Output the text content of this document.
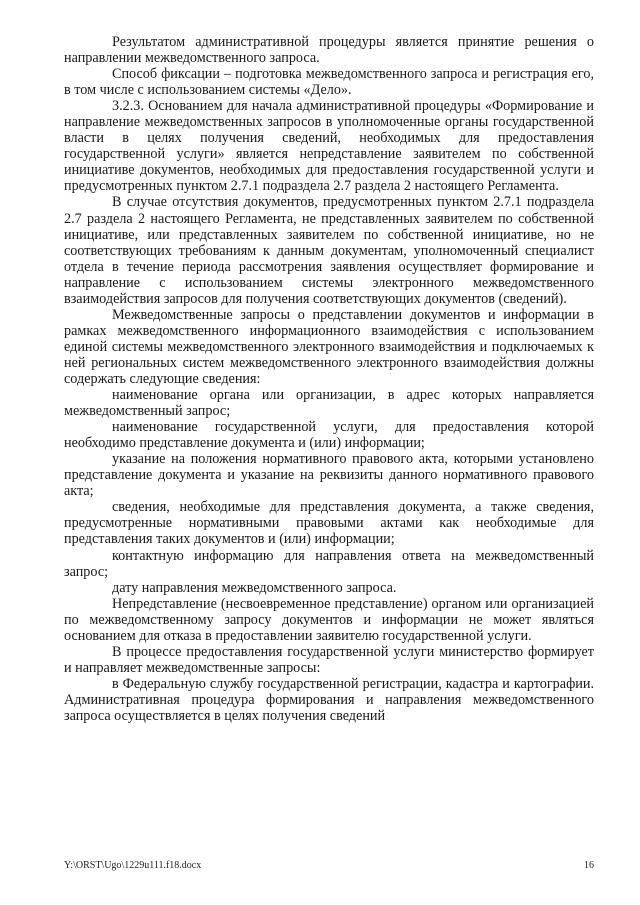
Результатом административной процедуры является принятие решения о направлении межведомственного запроса.

Способ фиксации – подготовка межведомственного запроса и регистрация его, в том числе с использованием системы «Дело».

3.2.3. Основанием для начала административной процедуры «Формирование и направление межведомственных запросов в уполномоченные органы государственной власти в целях получения сведений, необходимых для предоставления государственной услуги» является непредставление заявителем по собственной инициативе документов, необходимых для предоставления государственной услуги и предусмотренных пунктом 2.7.1 подраздела 2.7 раздела 2 настоящего Регламента.

В случае отсутствия документов, предусмотренных пунктом 2.7.1 подраздела 2.7 раздела 2 настоящего Регламента, не представленных заявителем по собственной инициативе, или представленных заявителем по собственной инициативе, но не соответствующих требованиям к данным документам, уполномоченный специалист отдела в течение периода рассмотрения заявления осуществляет формирование и направление с использованием системы электронного межведомственного взаимодействия запросов для получения соответствующих документов (сведений).

Межведомственные запросы о представлении документов и информации в рамках межведомственного информационного взаимодействия с использованием единой системы межведомственного электронного взаимодействия и подключаемых к ней региональных систем межведомственного электронного взаимодействия должны содержать следующие сведения:

наименование органа или организации, в адрес которых направляется межведомственный запрос;

наименование государственной услуги, для предоставления которой необходимо представление документа и (или) информации;

указание на положения нормативного правового акта, которыми установлено представление документа и указание на реквизиты данного нормативного правового акта;

сведения, необходимые для представления документа, а также сведения, предусмотренные нормативными правовыми актами как необходимые для представления таких документов и (или) информации;

контактную информацию для направления ответа на межведомственный запрос;

дату направления межведомственного запроса.

Непредставление (несвоевременное представление) органом или организацией по межведомственному запросу документов и информации не может являться основанием для отказа в предоставлении заявителю государственной услуги.

В процессе предоставления государственной услуги министерство формирует и направляет межведомственные запросы:

в Федеральную службу государственной регистрации, кадастра и картографии. Административная процедура формирования и направления межведомственного запроса осуществляется в целях получения сведений

Y:\ORST\Ugo\1229u111.f18.docx	16
